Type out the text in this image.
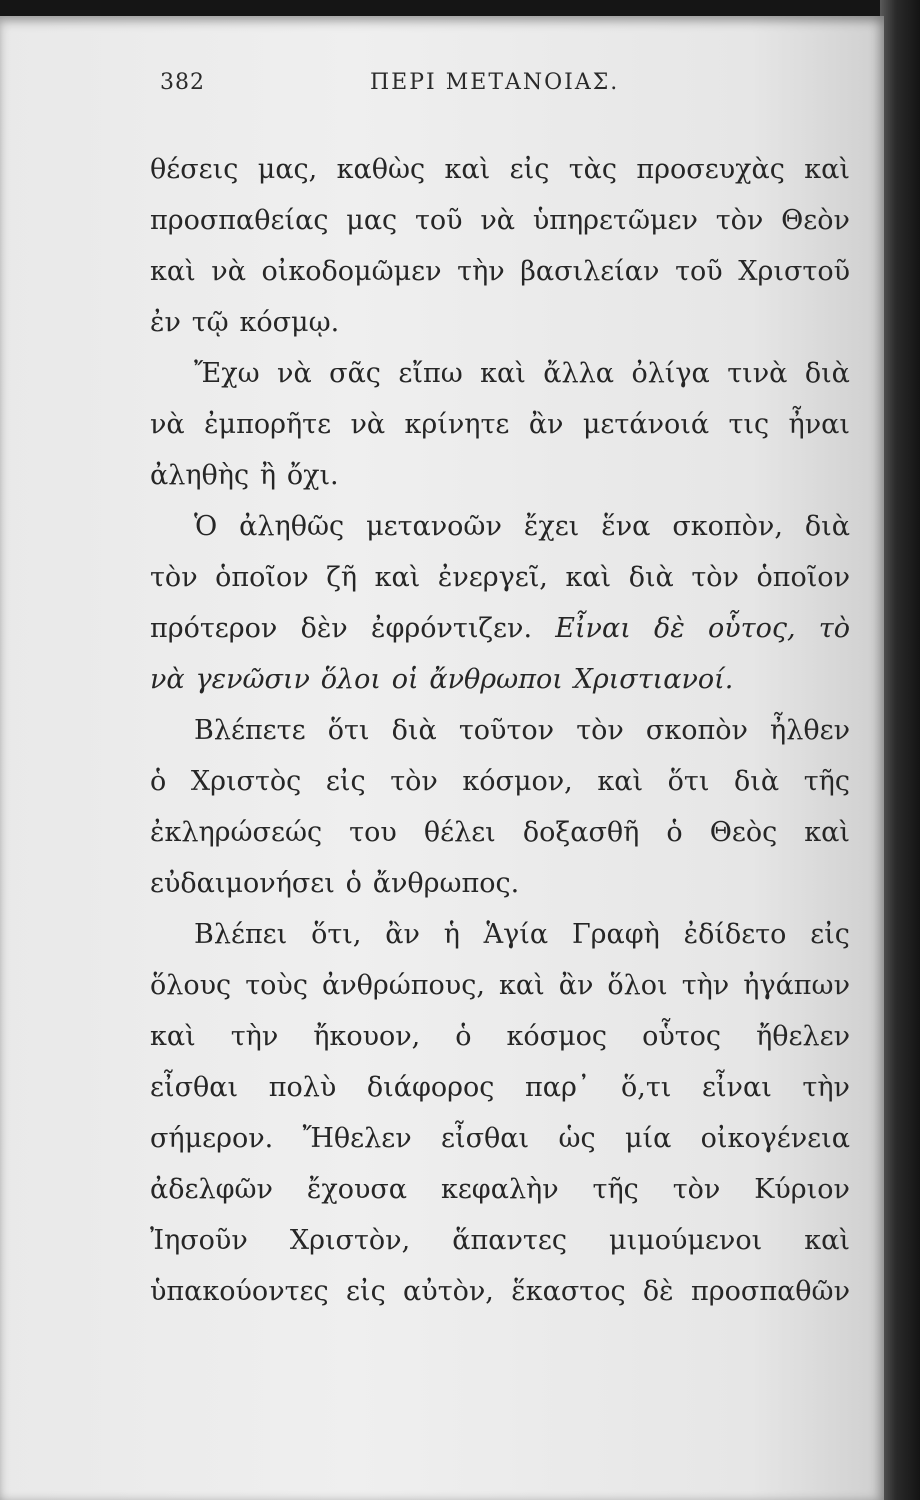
382	ΠΕΡΙ ΜΕΤΑΝΟΙΑΣ.
θέσεις μας, καθὼς καὶ εἰς τὰς προσευχὰς καὶ
προσπαθείας μας τοῦ νὰ ὑπηρετῶμεν τὸν Θεὸν
καὶ νὰ οἰκοδομῶμεν τὴν βασιλείαν τοῦ Χριστοῦ
ἐν τῷ κόσμῳ.
Ἔχω νὰ σᾶς εἴπω καὶ ἄλλα ὀλίγα τινὰ διὰ
νὰ ἐμπορῆτε νὰ κρίνητε ἂν μετάνοιά τις ἦναι
ἀληθὴς ἢ ὄχι.
Ὁ ἀληθῶς μετανοῶν ἔχει ἕνα σκοπὸν, διὰ
τὸν ὁποῖον ζῆ καὶ ἐνεργεῖ, καὶ διὰ τὸν ὁποῖον
πρότερον δὲν ἐφρόντιζεν. Εἶναι δὲ οὗτος, τὸ
νὰ γενῶσιν ὅλοι οἱ ἄνθρωποι Χριστιανοί.
Βλέπετε ὅτι διὰ τοῦτον τὸν σκοπὸν ἦλθεν
ὁ Χριστὸς εἰς τὸν κόσμον, καὶ ὅτι διὰ τῆς
ἐκληρώσεώς του θέλει δοξασθῆ ὁ Θεὸς καὶ
εὐδαιμονήσει ὁ ἄνθρωπος.
Βλέπει ὅτι, ἂν ἡ Ἁγία Γραφὴ ἐδίδετο εἰς
ὅλους τοὺς ἀνθρώπους, καὶ ἂν ὅλοι τὴν ἠγάπων
καὶ τὴν ἤκουον, ὁ κόσμος οὗτος ἤθελεν
εἶσθαι πολὺ διάφορος παρ᾽ ὅ,τι εἶναι τὴν
σήμερον. Ἤθελεν εἶσθαι ὡς μία οἰκογένεια
ἀδελφῶν ἔχουσα κεφαλὴν τῆς τὸν Κύριον
Ἰησοῦν Χριστὸν, ἅπαντες μιμούμενοι καὶ
ὑπακούοντες εἰς αὐτὸν, ἕκαστος δὲ προσπαθῶν
